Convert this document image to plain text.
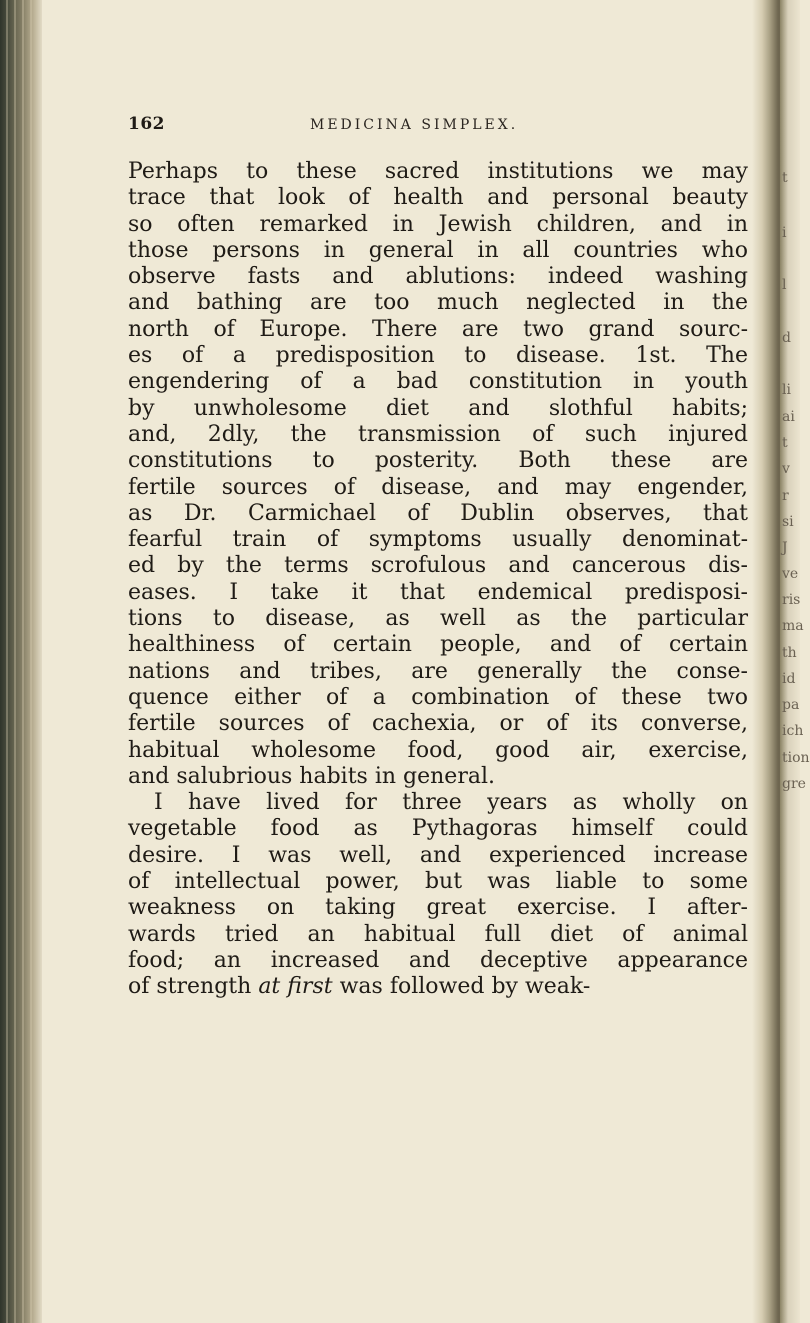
t
i
l
d
li
ai
t
v
r
si
J
ve
ris
ma
th
id
pa
ich
tion
gre
162	MEDICINA SIMPLEX.
Perhaps to these sacred institutions we may
trace that look of health and personal beauty
so often remarked in Jewish children, and in
those persons in general in all countries who
observe fasts and ablutions: indeed washing
and bathing are too much neglected in the
north of Europe. There are two grand sourc-
es of a predisposition to disease. 1st. The
engendering of a bad constitution in youth
by unwholesome diet and slothful habits;
and, 2dly, the transmission of such injured
constitutions to posterity. Both these are
fertile sources of disease, and may engender,
as Dr. Carmichael of Dublin observes, that
fearful train of symptoms usually denominat-
ed by the terms scrofulous and cancerous dis-
eases. I take it that endemical predisposi-
tions to disease, as well as the particular
healthiness of certain people, and of certain
nations and tribes, are generally the conse-
quence either of a combination of these two
fertile sources of cachexia, or of its converse,
habitual wholesome food, good air, exercise,
and salubrious habits in general.
I have lived for three years as wholly on
vegetable food as Pythagoras himself could
desire. I was well, and experienced increase
of intellectual power, but was liable to some
weakness on taking great exercise. I after-
wards tried an habitual full diet of animal
food; an increased and deceptive appearance
of strength at first was followed by weak-
